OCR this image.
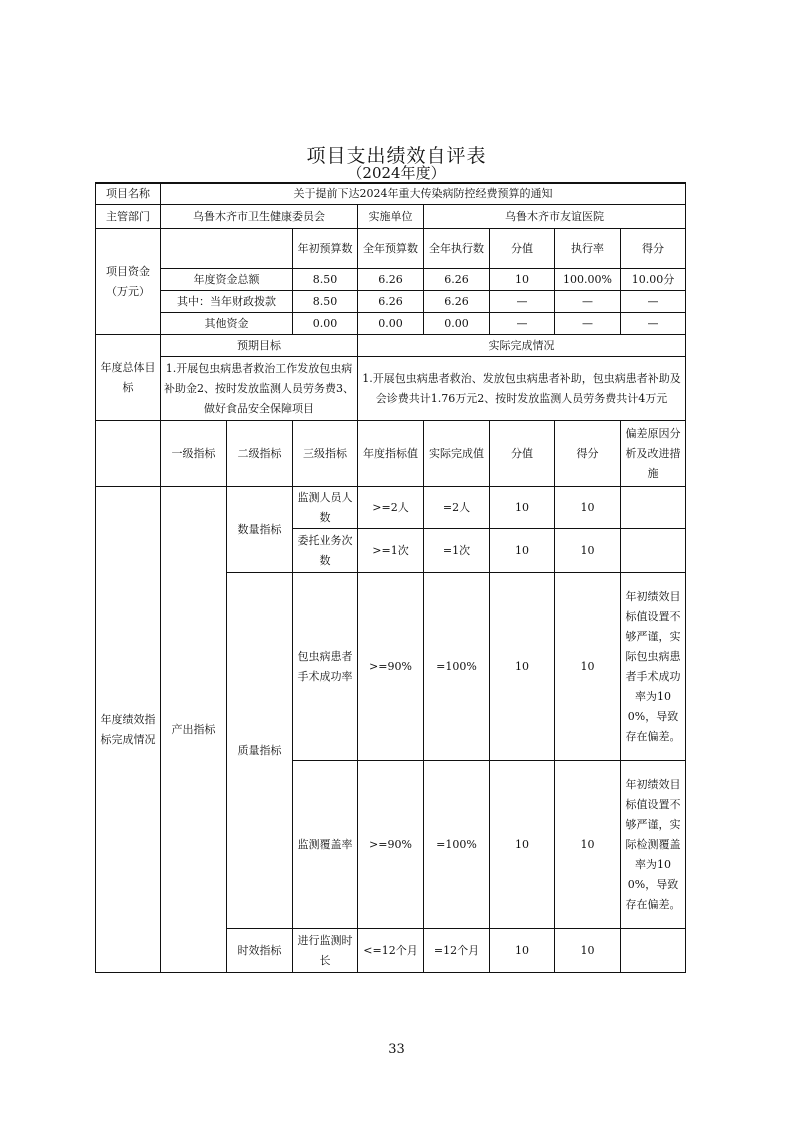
项目支出绩效自评表
（2024年度）
项目名称	关于提前下达2024年重大传染病防控经费预算的通知							
主管部门	乌鲁木齐市卫生健康委员会			实施单位	乌鲁木齐市友谊医院			
项目资金（万元）			年初预算数	全年预算数	全年执行数	分值	执行率	得分
	年度资金总额		8.50	6.26	6.26	10	100.00%	10.00分
	其中：当年财政拨款		8.50	6.26	6.26	—	—	—
	其他资金		0.00	0.00	0.00	—	—	—
年度总体目标	预期目标			实际完成情况				
	1.开展包虫病患者救治工作发放包虫病补助金2、按时发放监测人员劳务费3、做好食品安全保障项目			1.开展包虫病患者救治、发放包虫病患者补助，包虫病患者补助及会诊费共计1.76万元2、按时发放监测人员劳务费共计4万元				
	一级指标	二级指标	三级指标	年度指标值	实际完成值	分值	得分	偏差原因分析及改进措施
年度绩效指标完成情况	产出指标	数量指标	监测人员人数	>=2人	=2人	10	10	
			委托业务次数	>=1次	=1次	10	10	
		质量指标	包虫病患者手术成功率	>=90%	=100%	10	10	年初绩效目标值设置不够严谨，实际包虫病患者手术成功率为100%，导致存在偏差。
			监测覆盖率	>=90%	=100%	10	10	年初绩效目标值设置不够严谨，实际检测覆盖率为100%，导致存在偏差。
		时效指标	进行监测时长	<=12个月	=12个月	10	10	
33
